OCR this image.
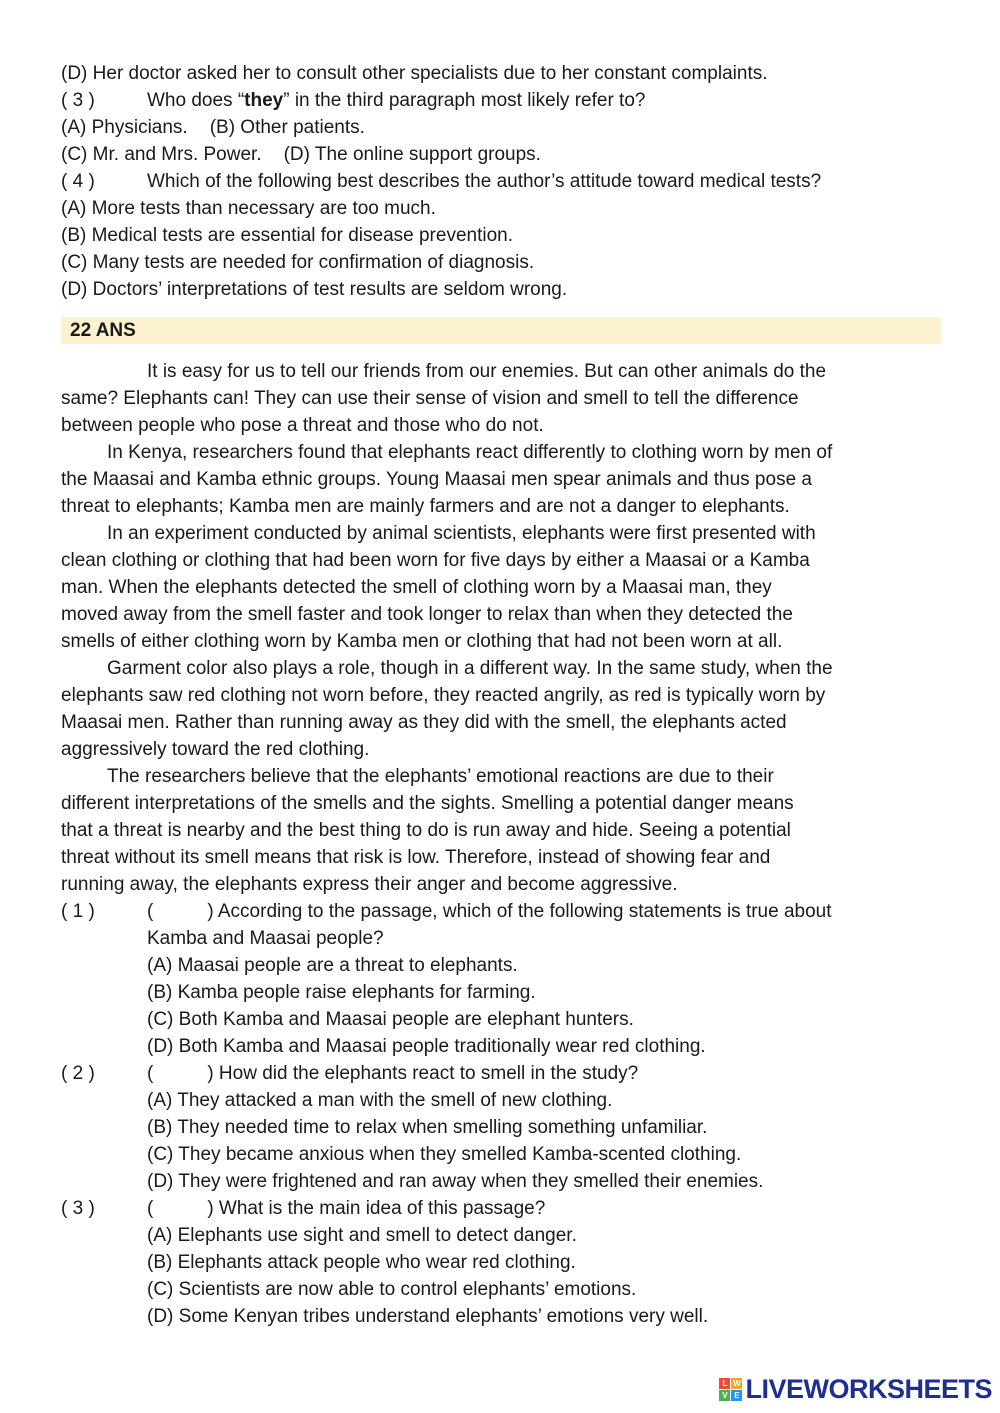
(D) Her doctor asked her to consult other specialists due to her constant complaints.
( 3 )	Who does “they” in the third paragraph most likely refer to?
(A) Physicians. (B) Other patients.
(C) Mr. and Mrs. Power. (D) The online support groups.
( 4 )	Which of the following best describes the author’s attitude toward medical tests?
(A) More tests than necessary are too much.
(B) Medical tests are essential for disease prevention.
(C) Many tests are needed for confirmation of diagnosis.
(D) Doctors’ interpretations of test results are seldom wrong.
22 ANS
It is easy for us to tell our friends from our enemies. But can other animals do the
same? Elephants can! They can use their sense of vision and smell to tell the difference
between people who pose a threat and those who do not.
In Kenya, researchers found that elephants react differently to clothing worn by men of
the Maasai and Kamba ethnic groups. Young Maasai men spear animals and thus pose a
threat to elephants; Kamba men are mainly farmers and are not a danger to elephants.
In an experiment conducted by animal scientists, elephants were first presented with
clean clothing or clothing that had been worn for five days by either a Maasai or a Kamba
man. When the elephants detected the smell of clothing worn by a Maasai man, they
moved away from the smell faster and took longer to relax than when they detected the
smells of either clothing worn by Kamba men or clothing that had not been worn at all.
Garment color also plays a role, though in a different way. In the same study, when the
elephants saw red clothing not worn before, they reacted angrily, as red is typically worn by
Maasai men. Rather than running away as they did with the smell, the elephants acted
aggressively toward the red clothing.
The researchers believe that the elephants’ emotional reactions are due to their
different interpretations of the smells and the sights. Smelling a potential danger means
that a threat is nearby and the best thing to do is run away and hide. Seeing a potential
threat without its smell means that risk is low. Therefore, instead of showing fear and
running away, the elephants express their anger and become aggressive.
( 1 )	(	) According to the passage, which of the following statements is true about
Kamba and Maasai people?
(A) Maasai people are a threat to elephants.
(B) Kamba people raise elephants for farming.
(C) Both Kamba and Maasai people are elephant hunters.
(D) Both Kamba and Maasai people traditionally wear red clothing.
( 2 )	(	) How did the elephants react to smell in the study?
(A) They attacked a man with the smell of new clothing.
(B) They needed time to relax when smelling something unfamiliar.
(C) They became anxious when they smelled Kamba-scented clothing.
(D) They were frightened and ran away when they smelled their enemies.
( 3 )	(	) What is the main idea of this passage?
(A) Elephants use sight and smell to detect danger.
(B) Elephants attack people who wear red clothing.
(C) Scientists are now able to control elephants’ emotions.
(D) Some Kenyan tribes understand elephants’ emotions very well.
L W
V E LIVEWORKSHEETS
